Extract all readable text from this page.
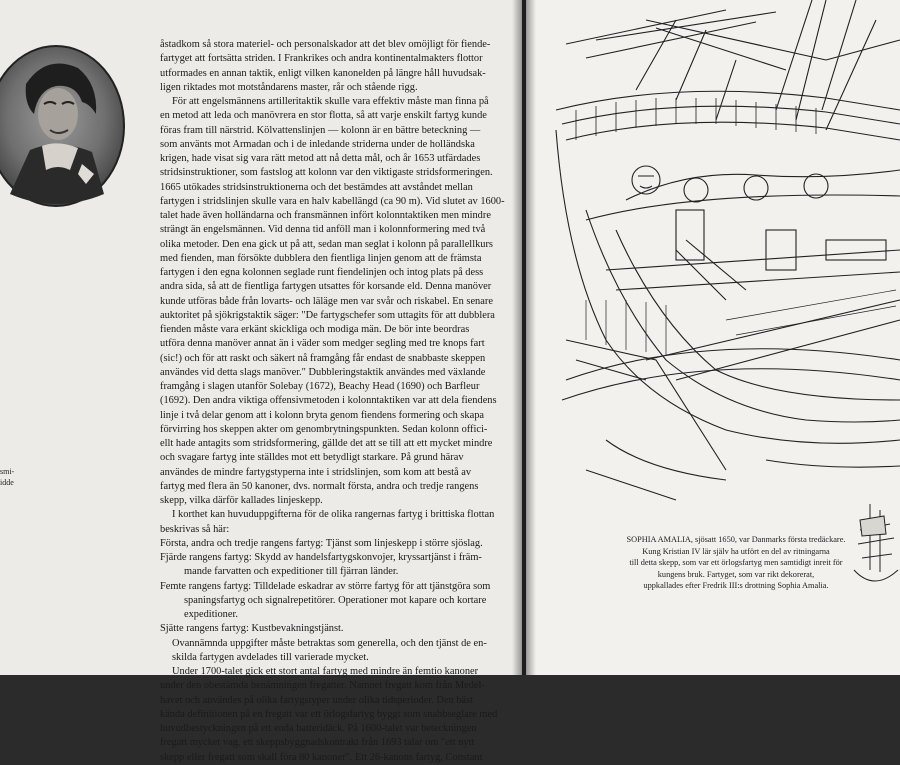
smi-
idde
åstadkom så stora materiel- och personalskador att det blev omöjligt för fiende-
fartyget att fortsätta striden. I Frankrikes och andra kontinentalmakters flottor
utformades en annan taktik, enligt vilken kanonelden på längre håll huvudsak-
ligen riktades mot motståndarens master, rår och stående rigg.
För att engelsmännens artilleritaktik skulle vara effektiv måste man finna på
en metod att leda och manövrera en stor flotta, så att varje enskilt fartyg kunde
föras fram till närstrid. Kölvattenslinjen — kolonn är en bättre beteckning —
som använts mot Armadan och i de inledande striderna under de holländska
krigen, hade visat sig vara rätt metod att nå detta mål, och år 1653 utfärdades
stridsinstruktioner, som fastslog att kolonn var den viktigaste stridsformeringen.
1665 utökades stridsinstruktionerna och det bestämdes att avståndet mellan
fartygen i stridslinjen skulle vara en halv kabellängd (ca 90 m). Vid slutet av 1600-
talet hade även holländarna och fransmännen infört kolonntaktiken men mindre
strängt än engelsmännen. Vid denna tid anföll man i kolonnformering med två
olika metoder. Den ena gick ut på att, sedan man seglat i kolonn på parallellkurs
med fienden, man försökte dubblera den fientliga linjen genom att de främsta
fartygen i den egna kolonnen seglade runt fiendelinjen och intog plats på dess
andra sida, så att de fientliga fartygen utsattes för korsande eld. Denna manöver
kunde utföras både från lovarts- och läläge men var svår och riskabel. En senare
auktoritet på sjökrigstaktik säger: "De fartygschefer som uttagits för att dubblera
fienden måste vara erkänt skickliga och modiga män. De bör inte beordras
utföra denna manöver annat än i väder som medger segling med tre knops fart
(sic!) och för att raskt och säkert nå framgång får endast de snabbaste skeppen
användes vid detta slags manöver." Dubbleringstaktik användes med växlande
framgång i slagen utanför Solebay (1672), Beachy Head (1690) och Barfleur
(1692). Den andra viktiga offensivmetoden i kolonntaktiken var att dela fiendens
linje i två delar genom att i kolonn bryta genom fiendens formering och skapa
förvirring hos skeppen akter om genombrytningspunkten. Sedan kolonn offici-
ellt hade antagits som stridsformering, gällde det att se till att ett mycket mindre
och svagare fartyg inte ställdes mot ett betydligt starkare. På grund härav
användes de mindre fartygstyperna inte i stridslinjen, som kom att bestå av
fartyg med flera än 50 kanoner, dvs. normalt första, andra och tredje rangens
skepp, vilka därför kallades linjeskepp.
I korthet kan huvuduppgifterna för de olika rangernas fartyg i brittiska flottan
beskrivas så här:
Första, andra och tredje rangens fartyg: Tjänst som linjeskepp i större sjöslag.
Fjärde rangens fartyg: Skydd av handelsfartygskonvojer, kryssartjänst i främ-
mande farvatten och expeditioner till fjärran länder.
Femte rangens fartyg: Tilldelade eskadrar av större fartyg för att tjänstgöra som
spaningsfartyg och signalrepetitörer. Operationer mot kapare och kortare
expeditioner.
Sjätte rangens fartyg: Kustbevakningstjänst.
Ovannämnda uppgifter måste betraktas som generella, och den tjänst de en-
skilda fartygen avdelades till varierade mycket.
Under 1700-talet gick ett stort antal fartyg med mindre än femtio kanoner
under den obestämda benämningen fregatter. Namnet fregatt kom från Medel-
havet och användes på olika fartygstyper under olika tidsperioder. Den bäst
kända definitionen på en fregatt var ett örlogsfartyg byggt som snabbseglare med
huvudbestyckningen på ett enda batteridäck. På 1600-talet var beteckningen
fregatt mycket vag, ett skeppsbyggnadskontrakt från 1693 talar om "ett nytt
skepp eller fregatt som skall föra 80 kanoner". Ett 26-kanons fartyg, Constant
SOPHIA AMALIA, sjösatt 1650, var Danmarks första tredäckare.
Kung Kristian IV lär själv ha utfört en del av ritningarna
till detta skepp, som var ett örlogsfartyg men samtidigt inreit för
kungens bruk. Fartyget, som var rikt dekorerat,
uppkallades efter Fredrik III:s drottning Sophia Amalia.
